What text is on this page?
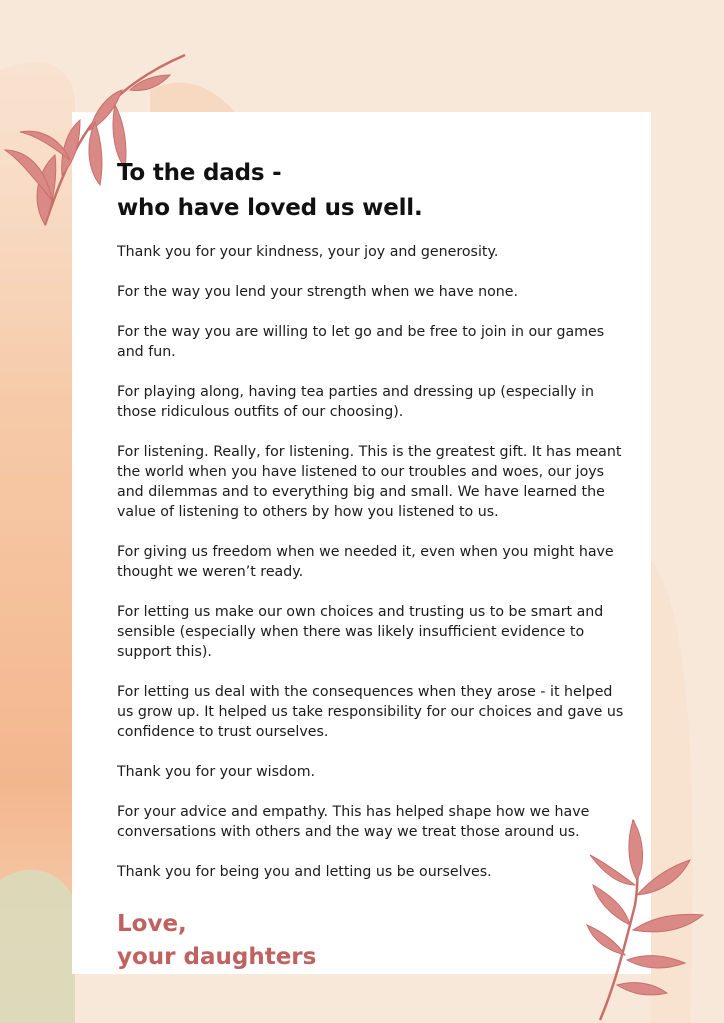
To the dads -
who have loved us well.

Thank you for your kindness, your joy and generosity.

For the way you lend your strength when we have none.

For the way you are willing to let go and be free to join in our games and fun.

For playing along, having tea parties and dressing up (especially in those ridiculous outfits of our choosing).

For listening. Really, for listening. This is the greatest gift. It has meant the world when you have listened to our troubles and woes, our joys and dilemmas and to everything big and small. We have learned the value of listening to others by how you listened to us.

For giving us freedom when we needed it, even when you might have thought we weren’t ready.

For letting us make our own choices and trusting us to be smart and sensible (especially when there was likely insufficient evidence to support this).

For letting us deal with the consequences when they arose - it helped us grow up. It helped us take responsibility for our choices and gave us confidence to trust ourselves.

Thank you for your wisdom.

For your advice and empathy. This has helped shape how we have conversations with others and the way we treat those around us.

Thank you for being you and letting us be ourselves.

Love,
your daughters
